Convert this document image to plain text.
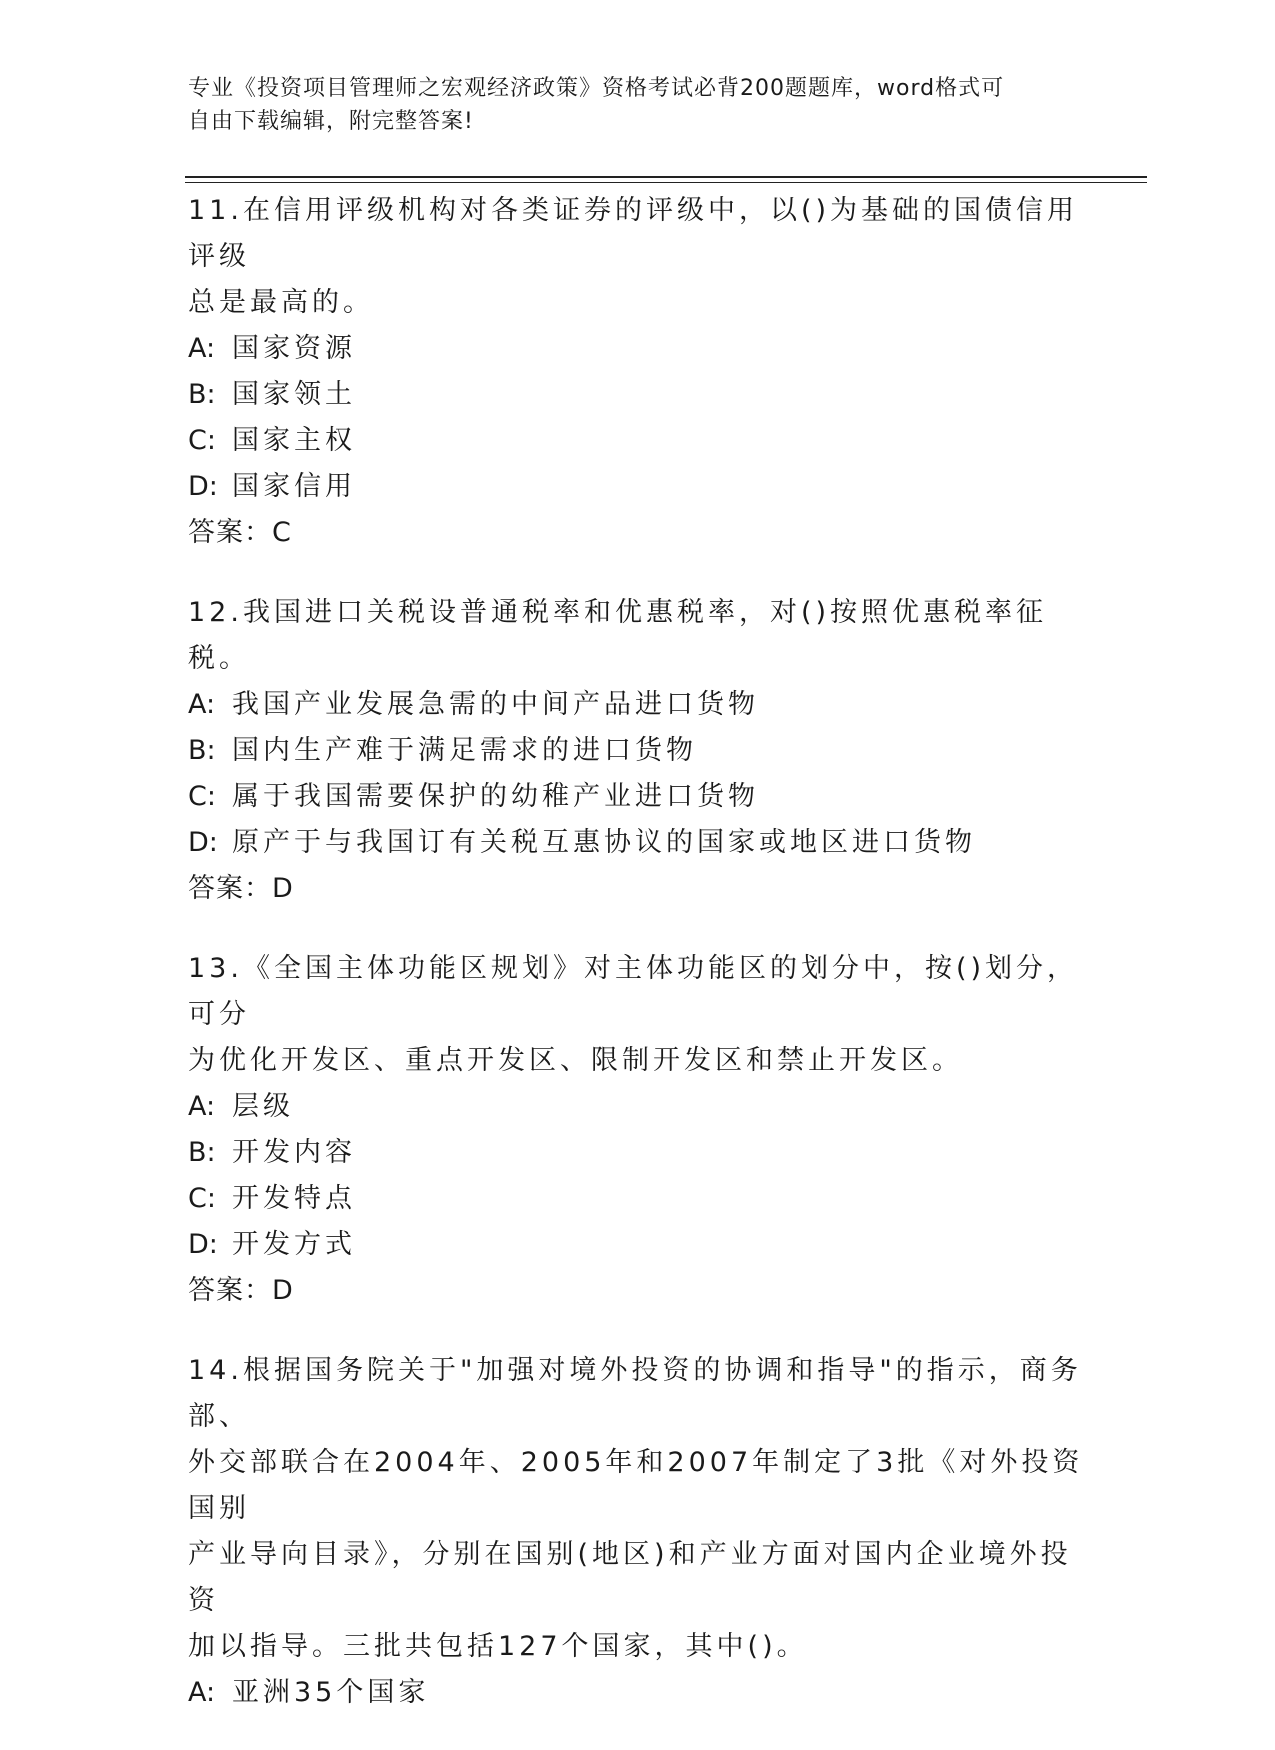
专业《投资项目管理师之宏观经济政策》资格考试必背200题题库，word格式可
自由下载编辑，附完整答案!
11.在信用评级机构对各类证券的评级中，以()为基础的国债信用评级
总是最高的。
A: 国家资源
B: 国家领土
C: 国家主权
D: 国家信用
答案：C
12.我国进口关税设普通税率和优惠税率，对()按照优惠税率征税。
A: 我国产业发展急需的中间产品进口货物
B: 国内生产难于满足需求的进口货物
C: 属于我国需要保护的幼稚产业进口货物
D: 原产于与我国订有关税互惠协议的国家或地区进口货物
答案：D
13.《全国主体功能区规划》对主体功能区的划分中，按()划分，可分
为优化开发区、重点开发区、限制开发区和禁止开发区。
A: 层级
B: 开发内容
C: 开发特点
D: 开发方式
答案：D
14.根据国务院关于"加强对境外投资的协调和指导"的指示，商务部、
外交部联合在2004年、2005年和2007年制定了3批《对外投资国别
产业导向目录》，分别在国别(地区)和产业方面对国内企业境外投资
加以指导。三批共包括127个国家，其中()。
A: 亚洲35个国家
